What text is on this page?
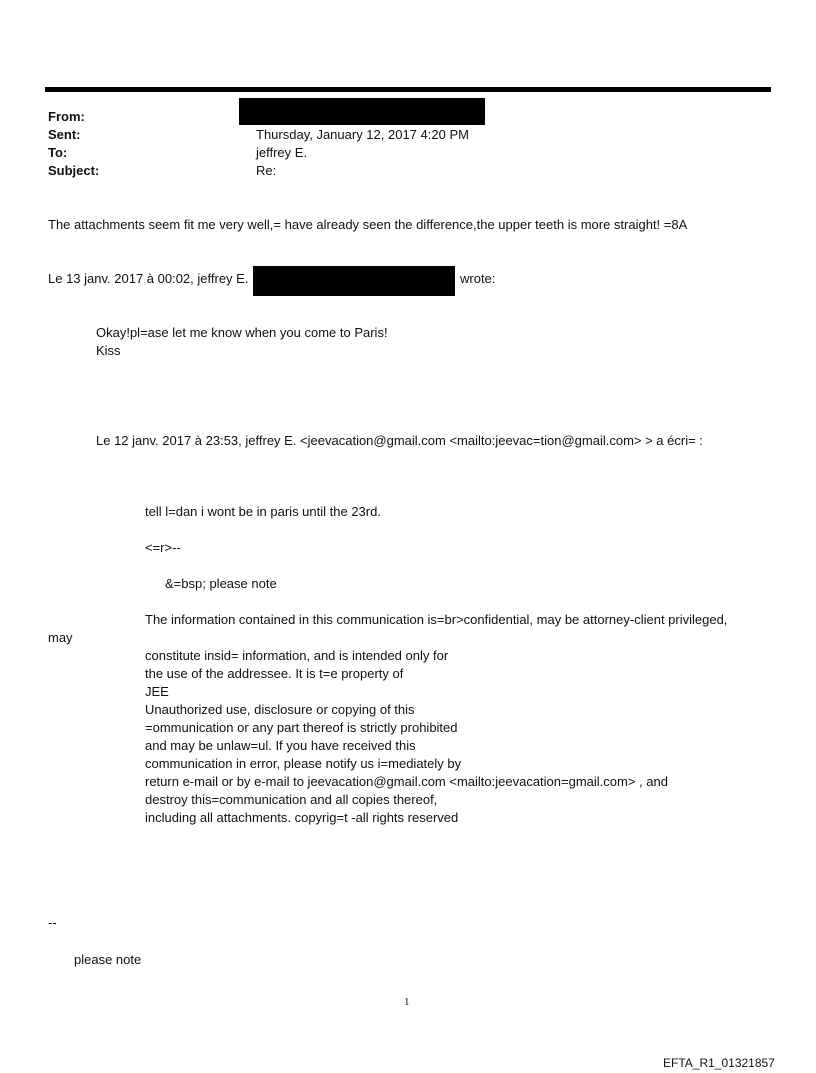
From:
Sent:	Thursday, January 12, 2017 4:20 PM
To:	jeffrey E.
Subject:	Re:
The attachments seem fit me very well,= have already seen the difference,the upper teeth is more straight! =8A
Le 13 janv. 2017 à 00:02, jeffrey E.	wrote:
Okay!pl=ase let me know when you come to Paris!
Kiss
Le 12 janv. 2017 à 23:53, jeffrey E. <jeevacation@gmail.com <mailto:jeevac=tion@gmail.com> > a écri= :
tell l=dan i wont be in paris until the 23rd.
<=r>--
&=bsp; please note
The information contained in this communication is=br>confidential, may be attorney-client privileged,
may
constitute insid= information, and is intended only for
the use of the addressee. It is t=e property of
JEE
Unauthorized use, disclosure or copying of this
=ommunication or any part thereof is strictly prohibited
and may be unlaw=ul. If you have received this
communication in error, please notify us i=mediately by
return e-mail or by e-mail to jeevacation@gmail.com <mailto:jeevacation=gmail.com> , and
destroy this=communication and all copies thereof,
including all attachments. copyrig=t -all rights reserved
--
please note
1
EFTA_R1_01321857
